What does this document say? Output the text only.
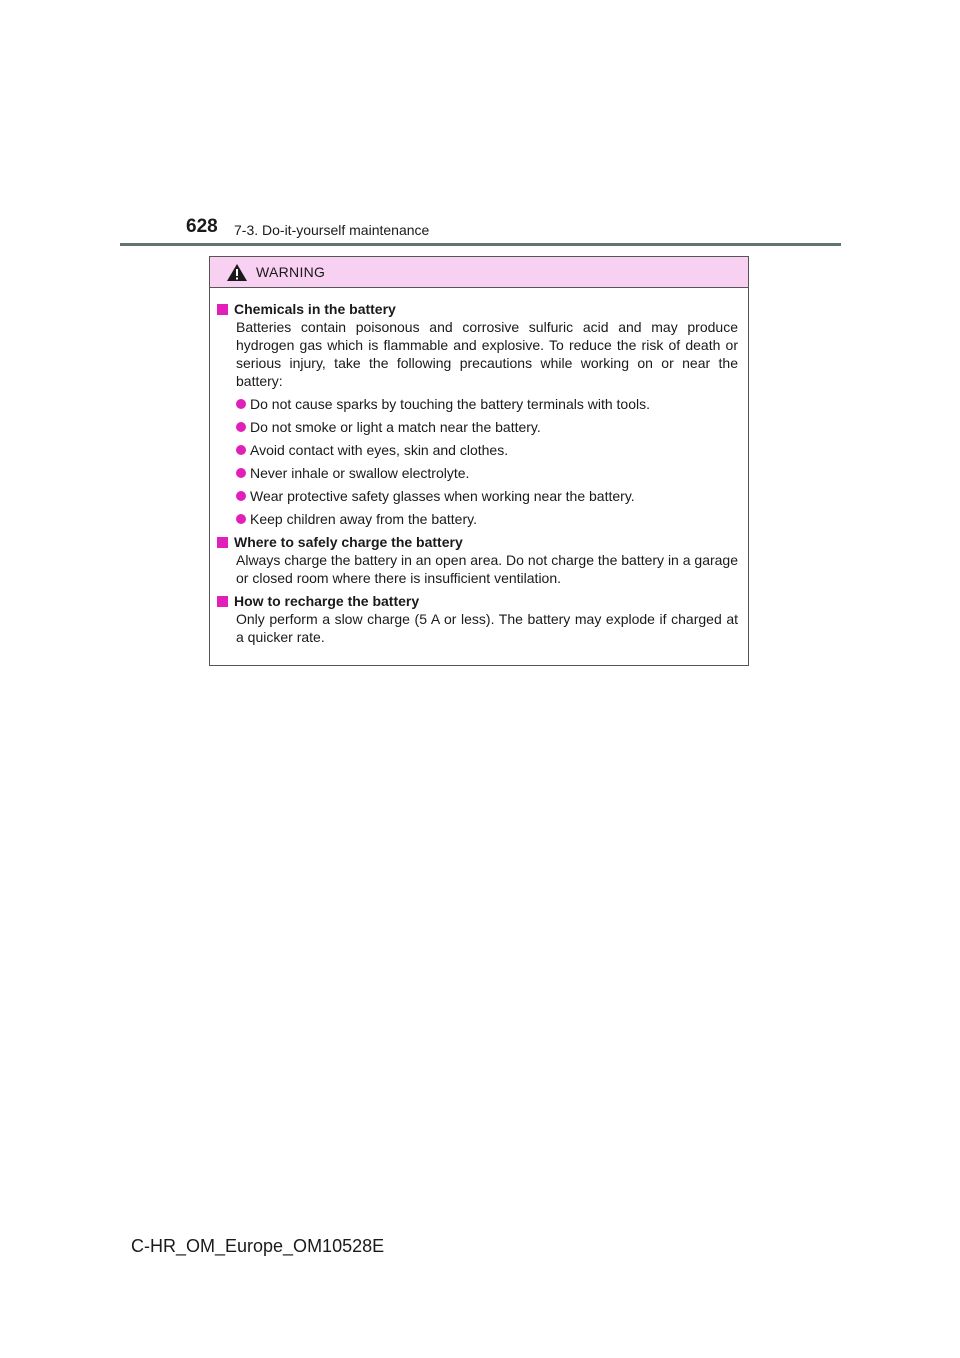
628 7-3. Do-it-yourself maintenance
WARNING
Chemicals in the battery
Batteries contain poisonous and corrosive sulfuric acid and may produce hydrogen gas which is flammable and explosive. To reduce the risk of death or serious injury, take the following precautions while working on or near the battery:
Do not cause sparks by touching the battery terminals with tools.
Do not smoke or light a match near the battery.
Avoid contact with eyes, skin and clothes.
Never inhale or swallow electrolyte.
Wear protective safety glasses when working near the battery.
Keep children away from the battery.
Where to safely charge the battery
Always charge the battery in an open area. Do not charge the battery in a garage or closed room where there is insufficient ventilation.
How to recharge the battery
Only perform a slow charge (5 A or less). The battery may explode if charged at a quicker rate.
C-HR_OM_Europe_OM10528E
